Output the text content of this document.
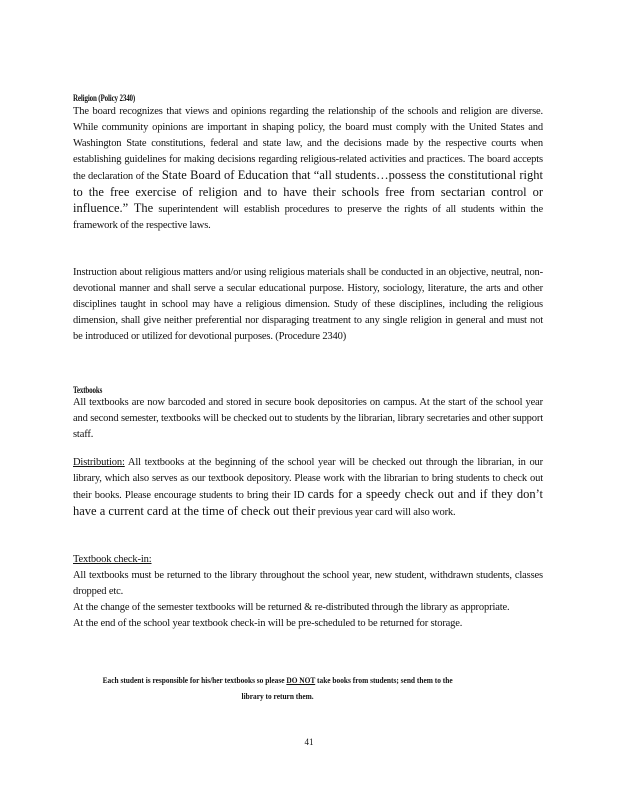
Religion (Policy 2340)
The board recognizes that views and opinions regarding the relationship of the schools and religion are diverse. While community opinions are important in shaping policy, the board must comply with the United States and Washington State constitutions, federal and state law, and the decisions made by the respective courts when establishing guidelines for making decisions regarding religious-related activities and practices. The board accepts the declaration of the State Board of Education that “all students…possess the constitutional right to the free exercise of religion and to have their schools free from sectarian control or influence.” The superintendent will establish procedures to preserve the rights of all students within the framework of the respective laws.
Instruction about religious matters and/or using religious materials shall be conducted in an objective, neutral, non-devotional manner and shall serve a secular educational purpose. History, sociology, literature, the arts and other disciplines taught in school may have a religious dimension. Study of these disciplines, including the religious dimension, shall give neither preferential nor disparaging treatment to any single religion in general and must not be introduced or utilized for devotional purposes. (Procedure 2340)
Textbooks
All textbooks are now barcoded and stored in secure book depositories on campus. At the start of the school year and second semester, textbooks will be checked out to students by the librarian, library secretaries and other support staff.
Distribution: All textbooks at the beginning of the school year will be checked out through the librarian, in our library, which also serves as our textbook depository. Please work with the librarian to bring students to check out their books. Please encourage students to bring their ID cards for a speedy check out and if they don’t have a current card at the time of check out their previous year card will also work.
Textbook check-in:
All textbooks must be returned to the library throughout the school year, new student, withdrawn students, classes dropped etc.
At the change of the semester textbooks will be returned & re-distributed through the library as appropriate.
At the end of the school year textbook check-in will be pre-scheduled to be returned for storage.
Each student is responsible for his/her textbooks so please DO NOT take books from students; send them to the library to return them.
41
